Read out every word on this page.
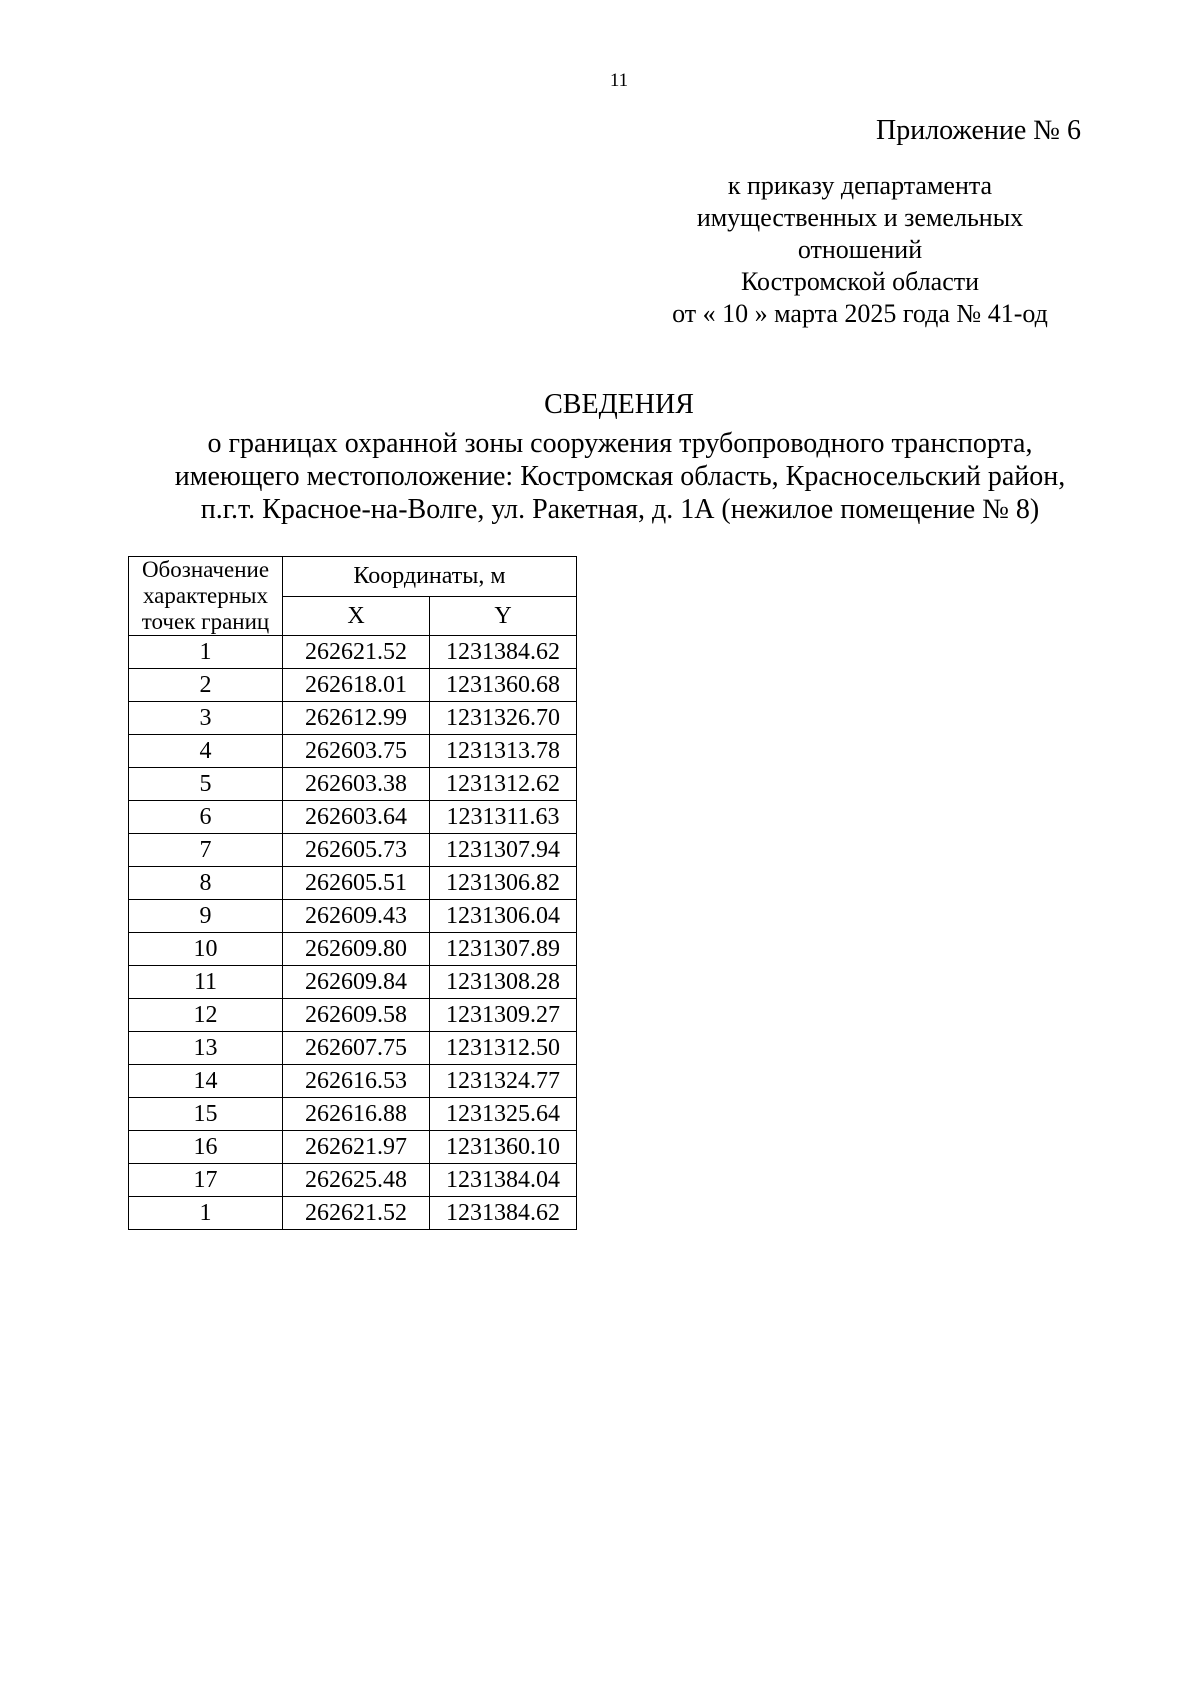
11
Приложение № 6
к приказу департамента
имущественных и земельных
отношений
Костромской области
от « 10 » марта 2025 года № 41-од
СВЕДЕНИЯ
о границах охранной зоны сооружения трубопроводного транспорта,
имеющего местоположение: Костромская область, Красносельский район,
п.г.т. Красное-на-Волге, ул. Ракетная, д. 1А (нежилое помещение № 8)
Обозначение характерных точек границ	Координаты, м	
	X	Y
1	262621.52	1231384.62
2	262618.01	1231360.68
3	262612.99	1231326.70
4	262603.75	1231313.78
5	262603.38	1231312.62
6	262603.64	1231311.63
7	262605.73	1231307.94
8	262605.51	1231306.82
9	262609.43	1231306.04
10	262609.80	1231307.89
11	262609.84	1231308.28
12	262609.58	1231309.27
13	262607.75	1231312.50
14	262616.53	1231324.77
15	262616.88	1231325.64
16	262621.97	1231360.10
17	262625.48	1231384.04
1	262621.52	1231384.62
